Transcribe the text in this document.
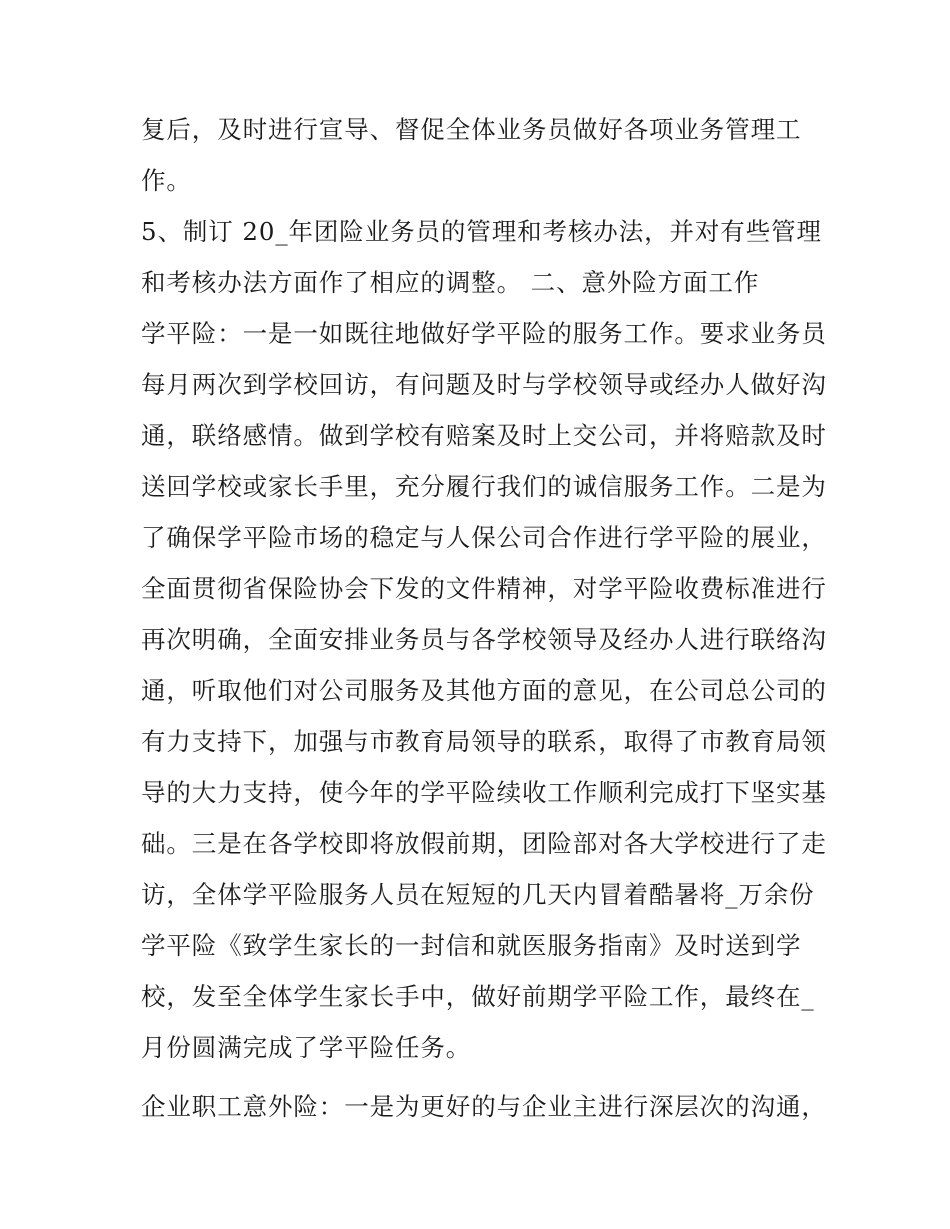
复后，及时进行宣导、督促全体业务员做好各项业务管理工
作。
5、制订 20_年团险业务员的管理和考核办法，并对有些管理
和考核办法方面作了相应的调整。 二、意外险方面工作
学平险：一是一如既往地做好学平险的服务工作。要求业务员
每月两次到学校回访，有问题及时与学校领导或经办人做好沟
通，联络感情。做到学校有赔案及时上交公司，并将赔款及时
送回学校或家长手里，充分履行我们的诚信服务工作。二是为
了确保学平险市场的稳定与人保公司合作进行学平险的展业，
全面贯彻省保险协会下发的文件精神，对学平险收费标准进行
再次明确，全面安排业务员与各学校领导及经办人进行联络沟
通，听取他们对公司服务及其他方面的意见，在公司总公司的
有力支持下，加强与市教育局领导的联系，取得了市教育局领
导的大力支持，使今年的学平险续收工作顺利完成打下坚实基
础。三是在各学校即将放假前期，团险部对各大学校进行了走
访，全体学平险服务人员在短短的几天内冒着酷暑将_万余份
学平险《致学生家长的一封信和就医服务指南》及时送到学
校，发至全体学生家长手中，做好前期学平险工作，最终在_
月份圆满完成了学平险任务。
企业职工意外险：一是为更好的与企业主进行深层次的沟通，
